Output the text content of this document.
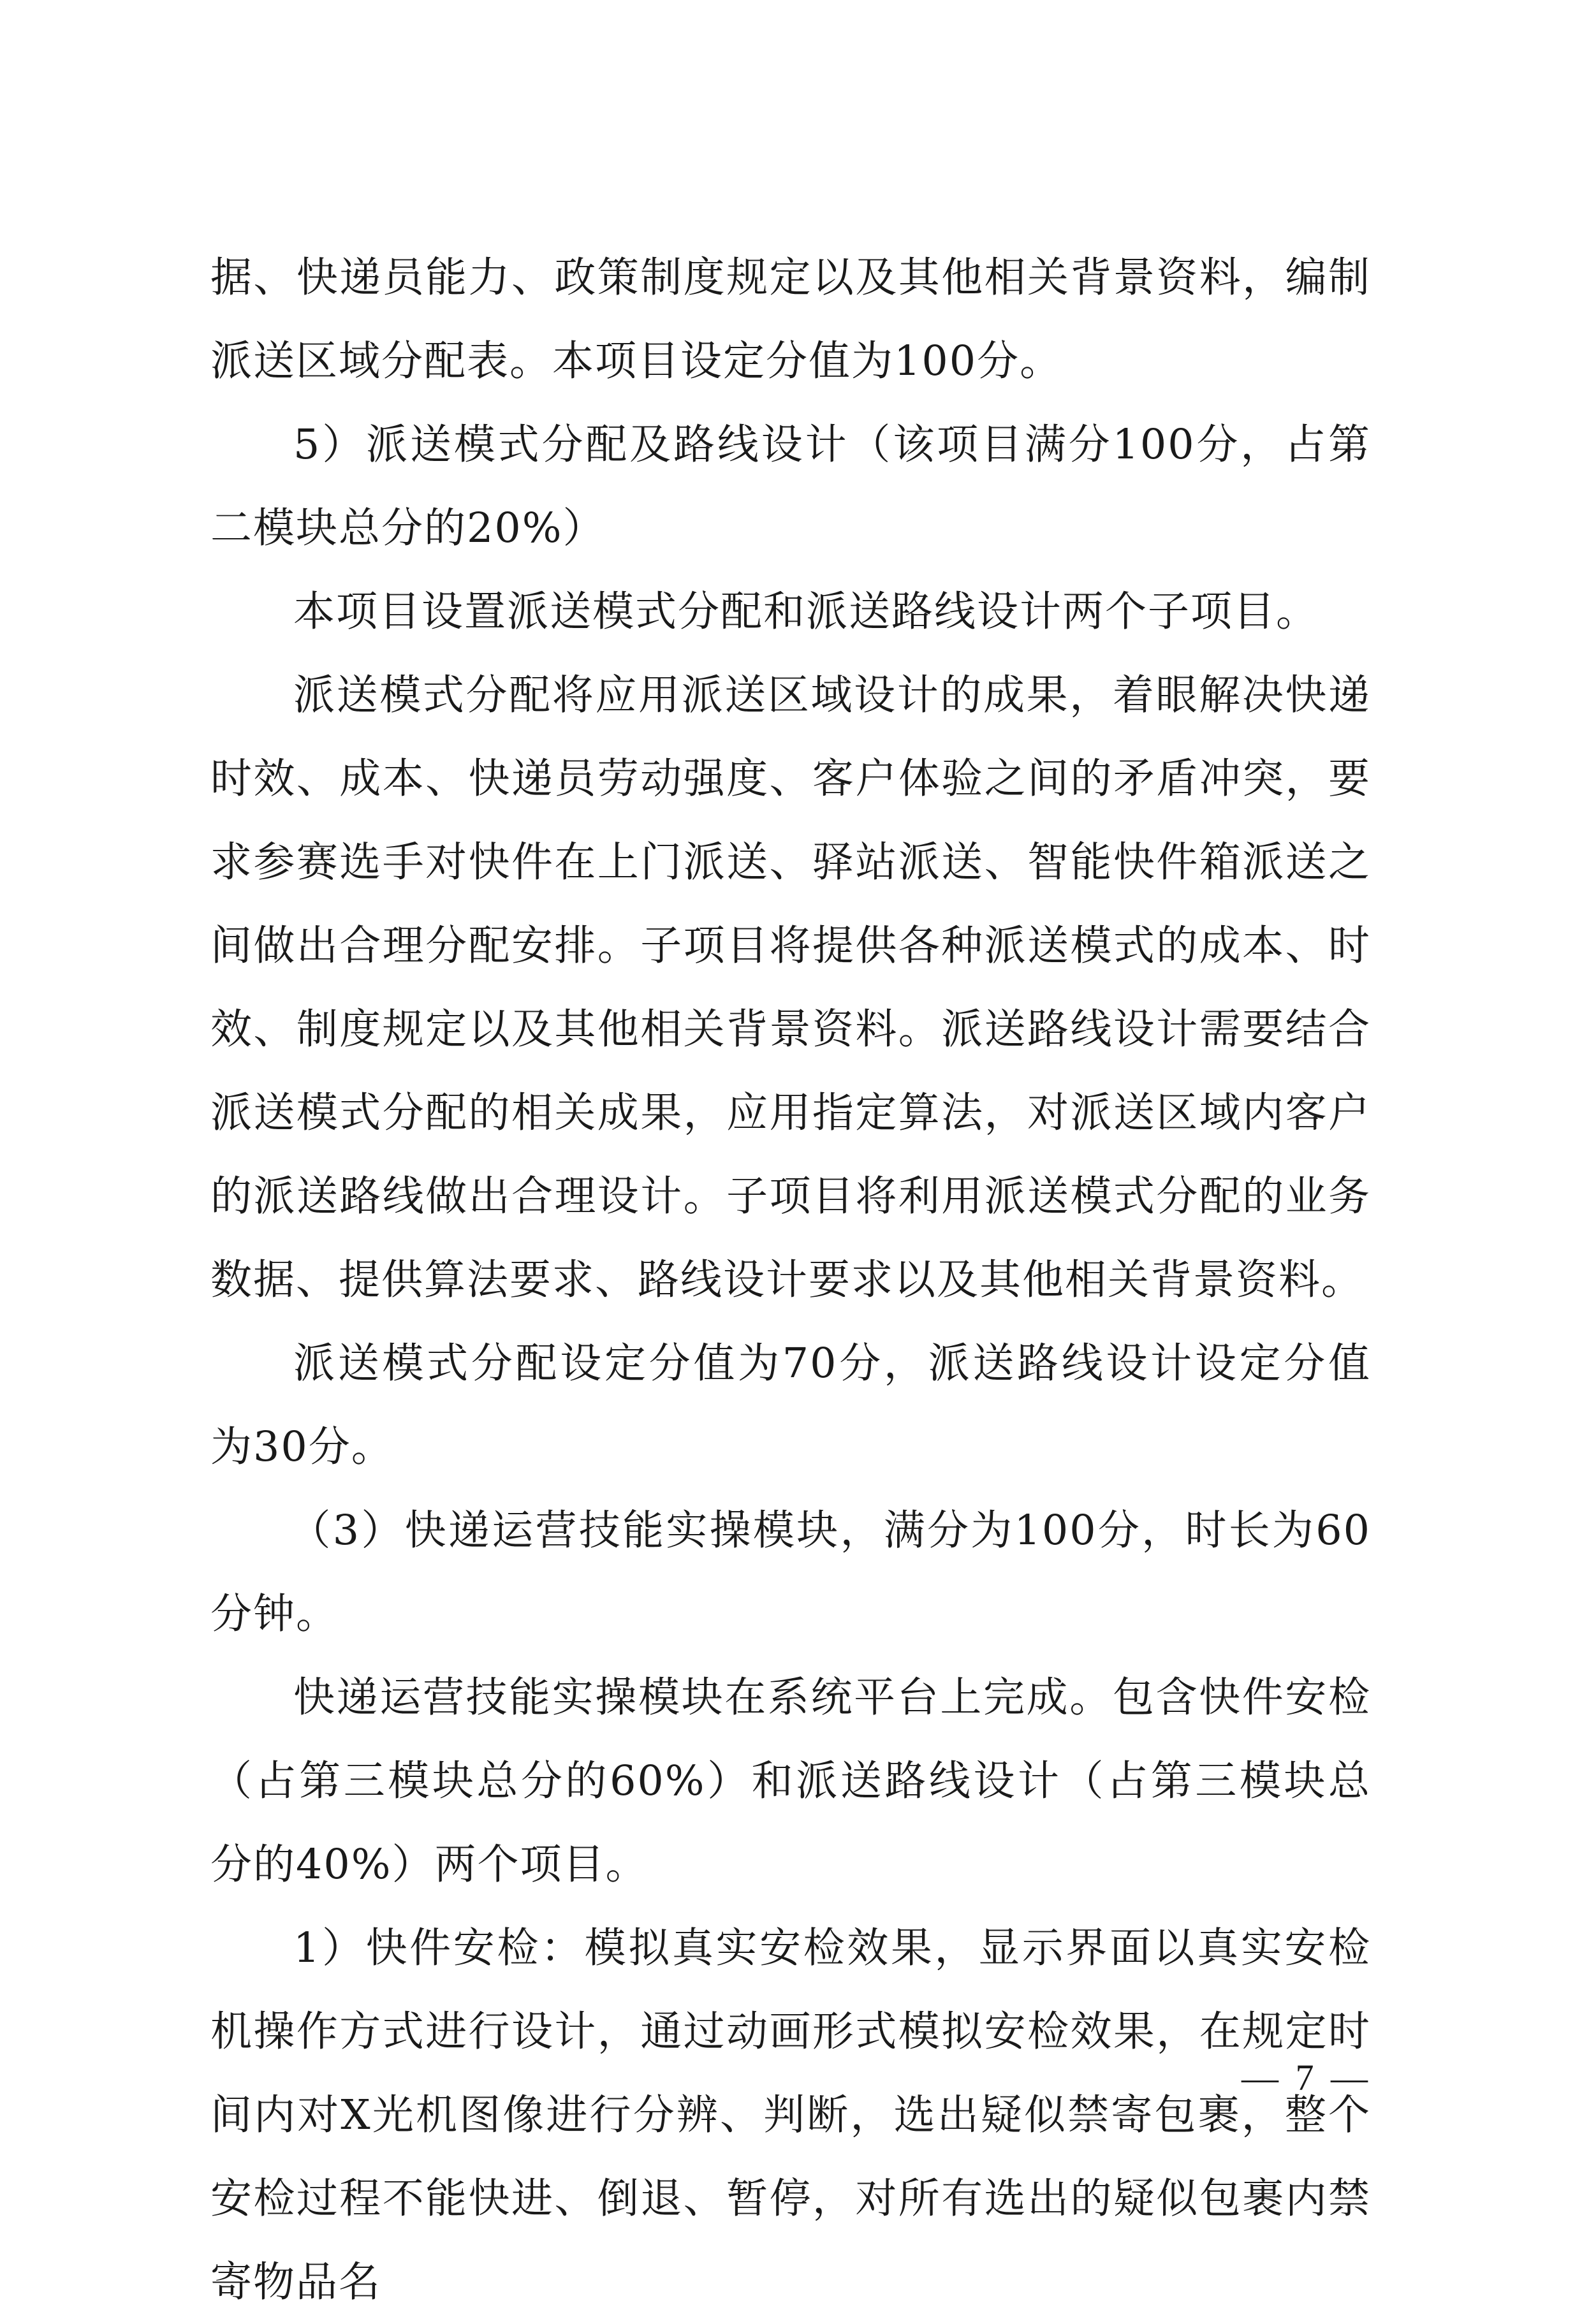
据、快递员能力、政策制度规定以及其他相关背景资料，编制派送区域分配表。本项目设定分值为100分。

5）派送模式分配及路线设计（该项目满分100分，占第二模块总分的20%）

本项目设置派送模式分配和派送路线设计两个子项目。

派送模式分配将应用派送区域设计的成果，着眼解决快递时效、成本、快递员劳动强度、客户体验之间的矛盾冲突，要求参赛选手对快件在上门派送、驿站派送、智能快件箱派送之间做出合理分配安排。子项目将提供各种派送模式的成本、时效、制度规定以及其他相关背景资料。派送路线设计需要结合派送模式分配的相关成果，应用指定算法，对派送区域内客户的派送路线做出合理设计。子项目将利用派送模式分配的业务数据、提供算法要求、路线设计要求以及其他相关背景资料。

派送模式分配设定分值为70分，派送路线设计设定分值为30分。

（3）快递运营技能实操模块，满分为100分，时长为60分钟。

快递运营技能实操模块在系统平台上完成。包含快件安检（占第三模块总分的60%）和派送路线设计（占第三模块总分的40%）两个项目。

1）快件安检：模拟真实安检效果，显示界面以真实安检机操作方式进行设计，通过动画形式模拟安检效果，在规定时间内对X光机图像进行分辨、判断，选出疑似禁寄包裹，整个安检过程不能快进、倒退、暂停，对所有选出的疑似包裹内禁寄物品名

— 7 —
